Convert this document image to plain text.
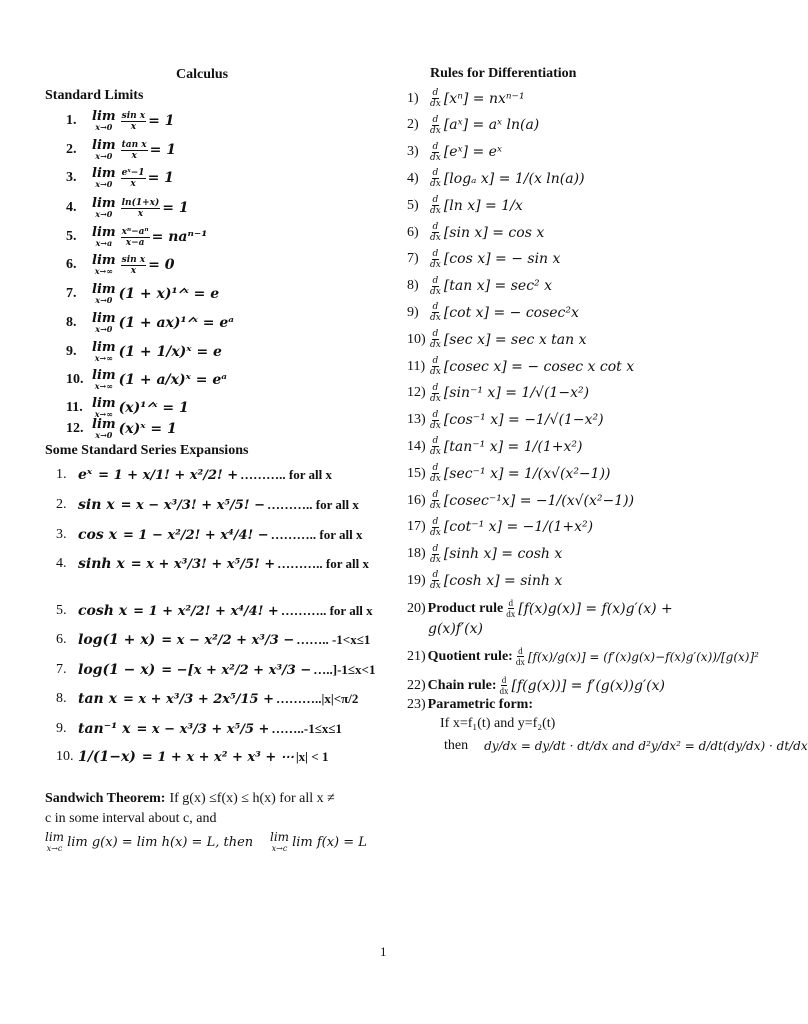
Calculus
Standard Limits
1.	lim
$x\to 0 \frac{\text{sin x}}{x} = 1$
2.	lim
$x\to 0 \frac{\text{tan x}}{x} = 1$
3.	lim
$x\to 0 \frac{\text{eˣ−1}}{x} = 1$
4.	lim
$x\to 0 \frac{\ln(1+x)}{x} = 1$
5.	lim
$x\to a \frac{\text{xⁿ−aⁿ}}{x-a} = na^{n-1}$
6.	lim
$x\to\infty \frac{\text{sin x}}{x} = 0$
7.	lim
x→0 (1 + x)¹ᐟˣ = e
8.	lim
x→0 (1 + ax)¹ᐟˣ = eᵃ
9.	lim
x→∞ (1 + 1/x)ˣ = e
10. lim
x→∞ (1 + a/x)ˣ = eᵃ
11. lim
x→∞ (x)¹ᐟˣ = 1
12. lim
x→0 (x)ˣ = 1
Some Standard Series Expansions
1. eˣ = 1 + x/1! + x²/2! + ……….. for all x
2. sin x = x − x³/3! + x⁵/5! − ……….. for all x
3. cos x = 1 − x²/2! + x⁴/4! − ……….. for all x
4. sinh x = x + x³/3! + x⁵/5! + ……….. for all x
5. cosh x = 1 + x²/2! + x⁴/4! + ……….. for all x
6. log(1 + x) = x − x²/2 + x³/3 − …….. -1<x≤1
7. log(1 − x) = −[x + x²/2 + x³/3 − …..]-1≤x<1
8. tan x = x + x³/3 + 2x⁵/15 + ………..|x|<π/2
9. tan⁻¹ x = x − x³/3 + x⁵/5 + ……..-1≤x≤1
10. 1/(1−x) = 1 + x + x² + x³ + ⋯ |x| < 1
Sandwich Theorem: If g(x) ≤f(x) ≤ h(x) for all x ≠
c in some interval about c, and
lim
x→c lim g(x) = lim h(x) = L, then lim
x→c lim f(x) = L
Rules for Differentiation
1)	$\frac{d}{dx} [x^n] = nx^{n-1}$
2)	$\frac{d}{dx}$ [aˣ] = aˣ ln(a)
3)	$\frac{d}{dx}$ [eˣ] = eˣ
4)	$\frac{d}{dx} [\log_a$ x] = 1/(x ln(a))
5)	$\frac{d}{dx} [\ln$ x] = 1/x
6)	$\frac{d}{dx} [\sin$ x] = cos x
7)	$\frac{d}{dx} [\cos$ x] = − sin x
8)	$\frac{d}{dx} [\tan$ x] = sec² x
9)	$\frac{d}{dx} [\cot$ x] = − cosec²x
$10) \frac{d}{dx} [\sec$ x] = sec x tan x
$11) \frac{d}{dx} [cosec$ x] = − cosec x cot x
$12) \frac{d}{dx} [\sin^{-1}$ x] = 1/√(1−x²)
$13) \frac{d}{dx} [\cos^{-1}$ x] = −1/√(1−x²)
$14) \frac{d}{dx} [\tan^{-1}$ x] = 1/(1+x²)
$15) \frac{d}{dx} [\sec^{-1}$ x] = 1/(x√(x²−1))
$16) \frac{d}{dx} [cosec^{-1}x] = -1/(x√(x^2-1))$
$17) \frac{d}{dx} [\cot^{-1}$ x] = −1/(1+x²)
$18) \frac{d}{dx} [\sinh$ x] = cosh x
$19) \frac{d}{dx} [\cosh$ x] = sinh x
20) Product rule $\frac{d}{dx} [f(x)g(x)] = f(x)g'(x)$ +
g(x)f′(x)
21) Quotient rule: $\frac{d}{dx} [f(x)/g(x)] = (f'(x)g(x)-f(x)g'(x))/[g(x)]^2$
22) Chain rule: $\frac{d}{dx} [f(g(x))] = f'(g(x))g'(x)$
23) Parametric form:
If x=f₁(t) and y=f₂(t)
then dy/dx = dy/dt · dt/dx and d²y/dx² = d/dt(dy/dx) · dt/dx
1
